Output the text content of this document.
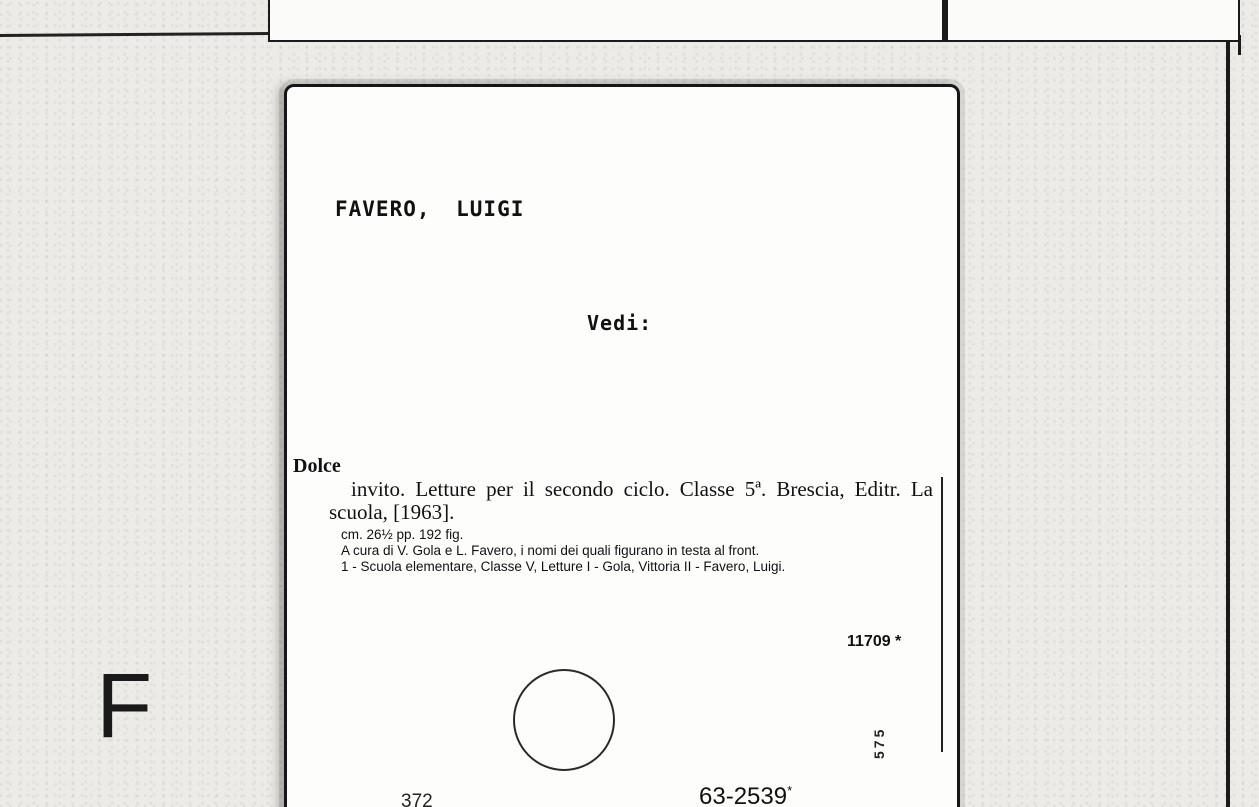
F
FAVERO, LUIGI
Vedi:
Dolce

invito. Letture per il secondo ciclo. Classe 5ª. Brescia, Editr. La scuola, [1963].

cm. 26½ pp. 192 fig.

A cura di V. Gola e L. Favero, i nomi dei quali figurano in testa al front.

1 - Scuola elementare, Classe V, Letture I - Gola, Vittoria II - Favero, Luigi.

11709 *
575
372	63-2539*
